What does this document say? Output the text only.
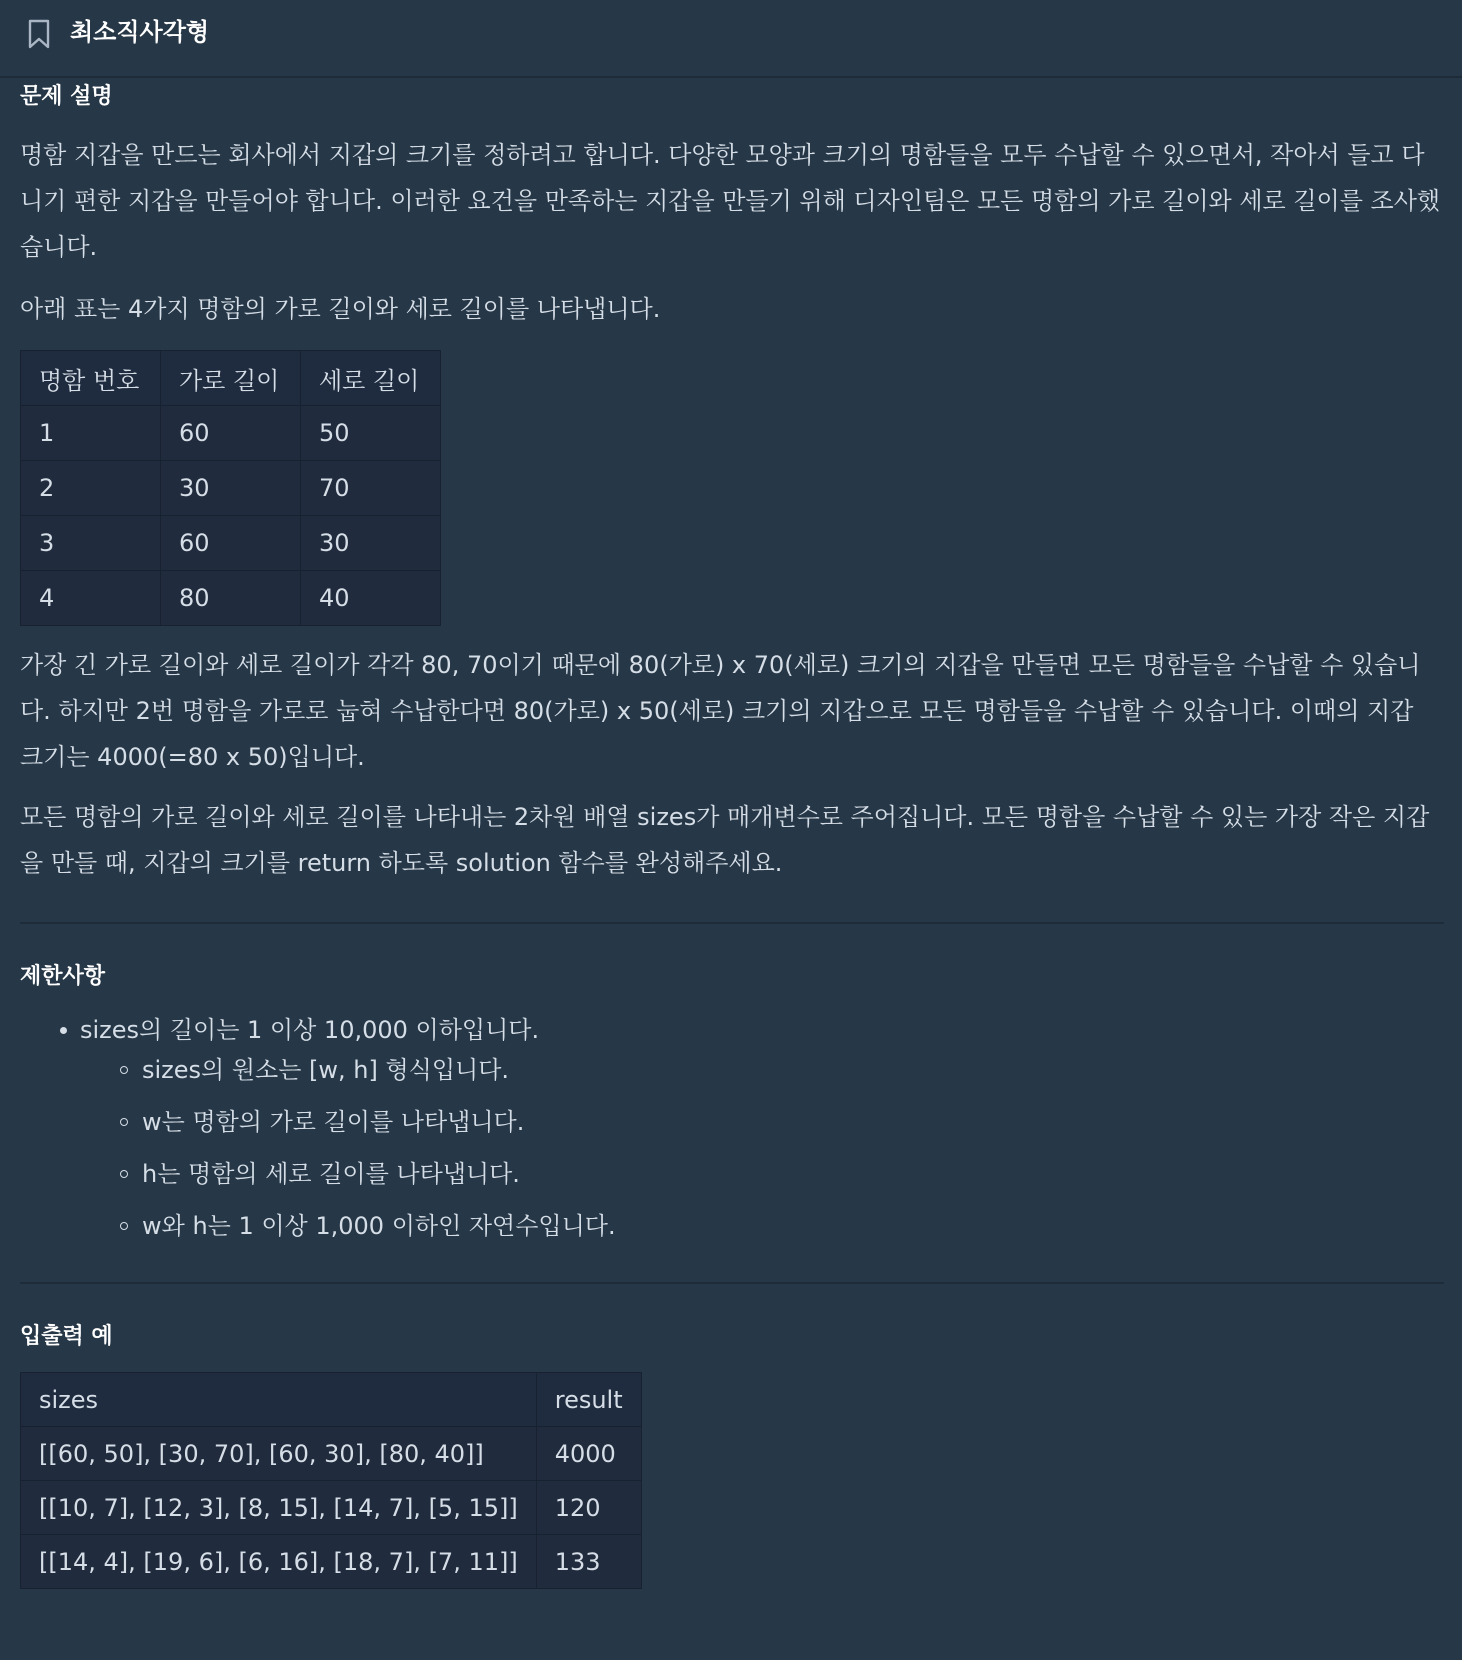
최소직사각형
문제 설명

명함 지갑을 만드는 회사에서 지갑의 크기를 정하려고 합니다. 다양한 모양과 크기의 명함들을 모두 수납할 수 있으면서, 작아서 들고 다니기 편한 지갑을 만들어야 합니다. 이러한 요건을 만족하는 지갑을 만들기 위해 디자인팀은 모든 명함의 가로 길이와 세로 길이를 조사했습니다.

아래 표는 4가지 명함의 가로 길이와 세로 길이를 나타냅니다.

명함 번호	가로 길이	세로 길이
1	60	50
2	30	70
3	60	30
4	80	40

가장 긴 가로 길이와 세로 길이가 각각 80, 70이기 때문에 80(가로) x 70(세로) 크기의 지갑을 만들면 모든 명함들을 수납할 수 있습니다. 하지만 2번 명함을 가로로 눕혀 수납한다면 80(가로) x 50(세로) 크기의 지갑으로 모든 명함들을 수납할 수 있습니다. 이때의 지갑 크기는 4000(=80 x 50)입니다.

모든 명함의 가로 길이와 세로 길이를 나타내는 2차원 배열 sizes가 매개변수로 주어집니다. 모든 명함을 수납할 수 있는 가장 작은 지갑을 만들 때, 지갑의 크기를 return 하도록 solution 함수를 완성해주세요.

제한사항
sizes의 길이는 1 이상 10,000 이하입니다.
sizes의 원소는 [w, h] 형식입니다.
w는 명함의 가로 길이를 나타냅니다.
h는 명함의 세로 길이를 나타냅니다.
w와 h는 1 이상 1,000 이하인 자연수입니다.
입출력 예
sizes	result
[[60, 50], [30, 70], [60, 30], [80, 40]]	4000
[[10, 7], [12, 3], [8, 15], [14, 7], [5, 15]]	120
[[14, 4], [19, 6], [6, 16], [18, 7], [7, 11]]	133
